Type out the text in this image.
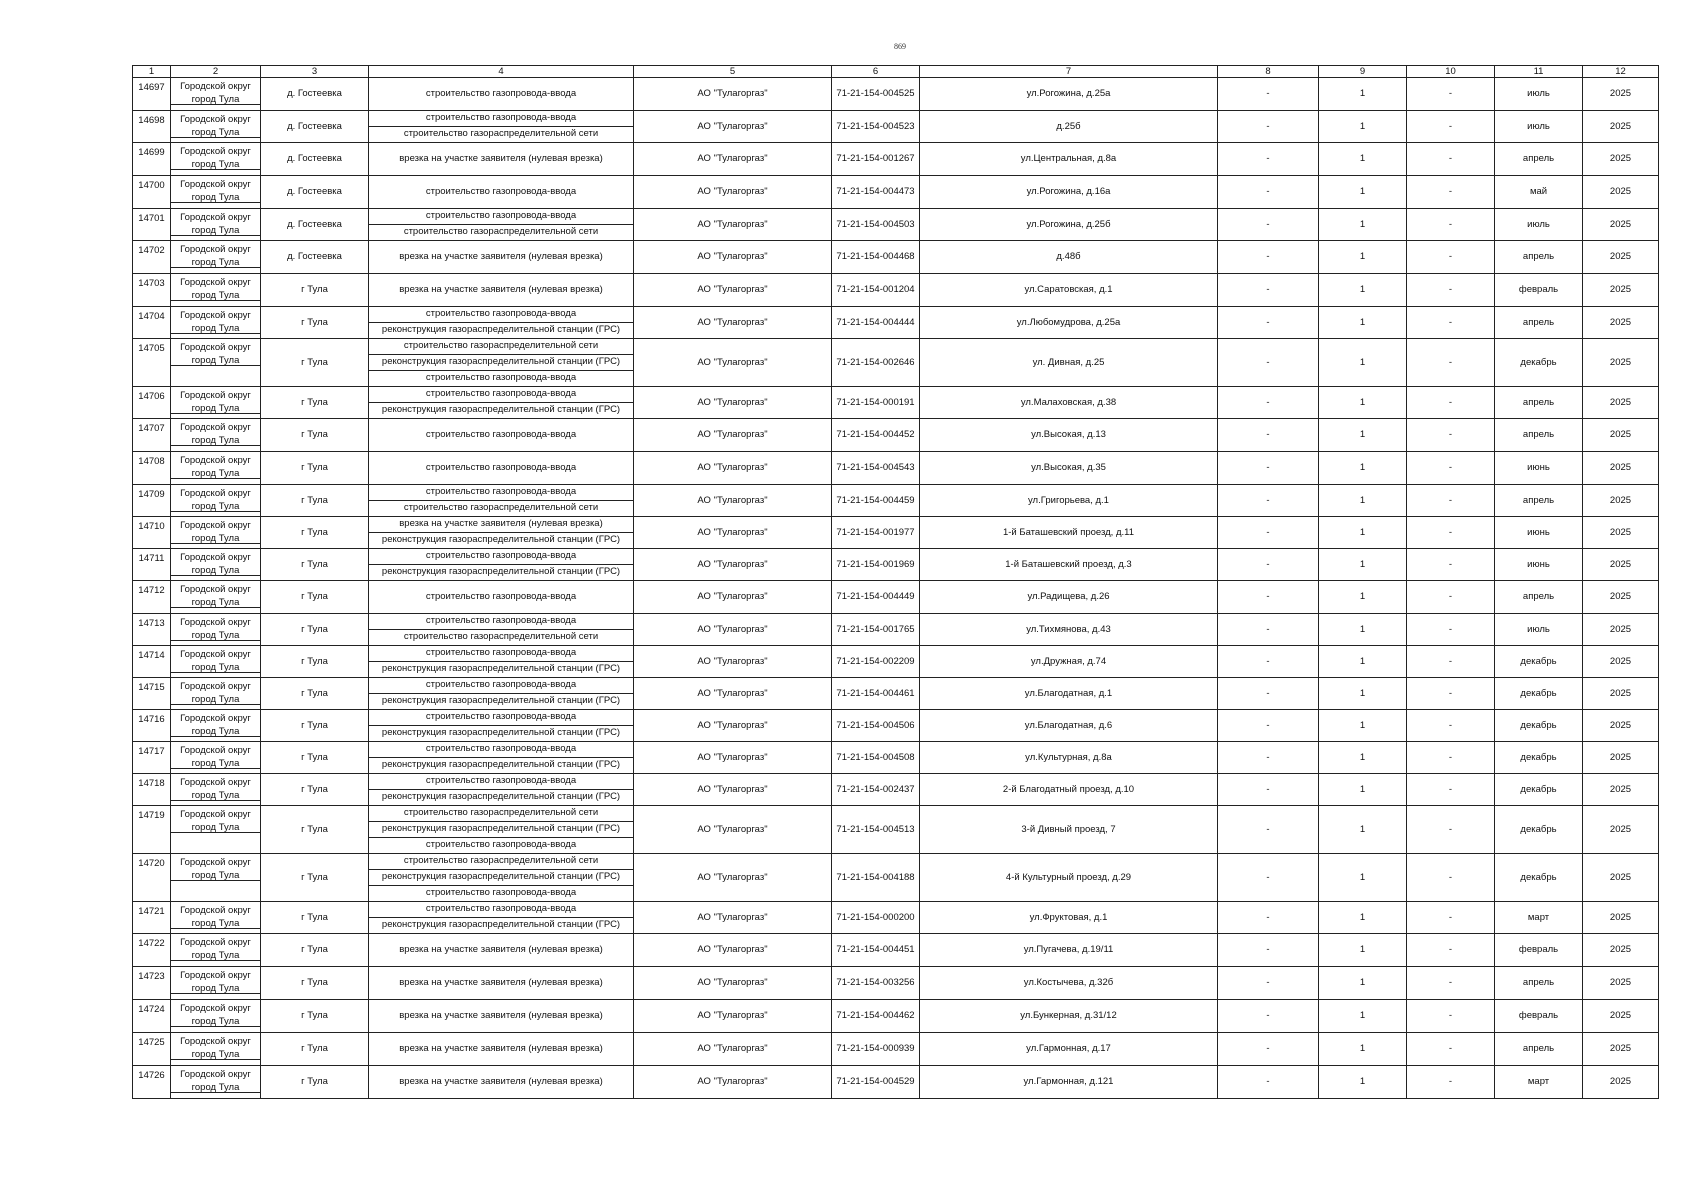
869
1	2	3	4	5	6	7	8	9	10	11	12
14697	Городской округ город Тула	д. Гостеевка	строительство газопровода-ввода	АО "Тулагоргаз"	71-21-154-004525	ул.Рогожина, д.25а	-	1	-	июль	2025
14698	Городской округ город Тула	д. Гостеевка	строительство газопровода-ввода
строительство газораспределительной сети	АО "Тулагоргаз"	71-21-154-004523	д.25б	-	1	-	июль	2025
14699	Городской округ город Тула	д. Гостеевка	врезка на участке заявителя (нулевая врезка)	АО "Тулагоргаз"	71-21-154-001267	ул.Центральная, д.8а	-	1	-	апрель	2025
14700	Городской округ город Тула	д. Гостеевка	строительство газопровода-ввода	АО "Тулагоргаз"	71-21-154-004473	ул.Рогожина, д.16а	-	1	-	май	2025
14701	Городской округ город Тула	д. Гостеевка	строительство газопровода-ввода
строительство газораспределительной сети	АО "Тулагоргаз"	71-21-154-004503	ул.Рогожина, д.25б	-	1	-	июль	2025
14702	Городской округ город Тула	д. Гостеевка	врезка на участке заявителя (нулевая врезка)	АО "Тулагоргаз"	71-21-154-004468	д.48б	-	1	-	апрель	2025
14703	Городской округ город Тула	г Тула	врезка на участке заявителя (нулевая врезка)	АО "Тулагоргаз"	71-21-154-001204	ул.Саратовская, д.1	-	1	-	февраль	2025
14704	Городской округ город Тула	г Тула	строительство газопровода-ввода
реконструкция газораспределительной станции (ГРС)	АО "Тулагоргаз"	71-21-154-004444	ул.Любомудрова, д.25а	-	1	-	апрель	2025
14705	Городской округ город Тула	г Тула	строительство газораспределительной сети
реконструкция газораспределительной станции (ГРС)
строительство газопровода-ввода	АО "Тулагоргаз"	71-21-154-002646	ул. Дивная, д.25	-	1	-	декабрь	2025
14706	Городской округ город Тула	г Тула	строительство газопровода-ввода
реконструкция газораспределительной станции (ГРС)	АО "Тулагоргаз"	71-21-154-000191	ул.Малаховская, д.38	-	1	-	апрель	2025
14707	Городской округ город Тула	г Тула	строительство газопровода-ввода	АО "Тулагоргаз"	71-21-154-004452	ул.Высокая, д.13	-	1	-	апрель	2025
14708	Городской округ город Тула	г Тула	строительство газопровода-ввода	АО "Тулагоргаз"	71-21-154-004543	ул.Высокая, д.35	-	1	-	июнь	2025
14709	Городской округ город Тула	г Тула	строительство газопровода-ввода
строительство газораспределительной сети	АО "Тулагоргаз"	71-21-154-004459	ул.Григорьева, д.1	-	1	-	апрель	2025
14710	Городской округ город Тула	г Тула	врезка на участке заявителя (нулевая врезка)
реконструкция газораспределительной станции (ГРС)	АО "Тулагоргаз"	71-21-154-001977	1-й Баташевский проезд, д.11	-	1	-	июнь	2025
14711	Городской округ город Тула	г Тула	строительство газопровода-ввода
реконструкция газораспределительной станции (ГРС)	АО "Тулагоргаз"	71-21-154-001969	1-й Баташевский проезд, д.3	-	1	-	июнь	2025
14712	Городской округ город Тула	г Тула	строительство газопровода-ввода	АО "Тулагоргаз"	71-21-154-004449	ул.Радищева, д.26	-	1	-	апрель	2025
14713	Городской округ город Тула	г Тула	строительство газопровода-ввода
строительство газораспределительной сети	АО "Тулагоргаз"	71-21-154-001765	ул.Тихмянова, д.43	-	1	-	июль	2025
14714	Городской округ город Тула	г Тула	строительство газопровода-ввода
реконструкция газораспределительной станции (ГРС)	АО "Тулагоргаз"	71-21-154-002209	ул.Дружная, д.74	-	1	-	декабрь	2025
14715	Городской округ город Тула	г Тула	строительство газопровода-ввода
реконструкция газораспределительной станции (ГРС)	АО "Тулагоргаз"	71-21-154-004461	ул.Благодатная, д.1	-	1	-	декабрь	2025
14716	Городской округ город Тула	г Тула	строительство газопровода-ввода
реконструкция газораспределительной станции (ГРС)	АО "Тулагоргаз"	71-21-154-004506	ул.Благодатная, д.6	-	1	-	декабрь	2025
14717	Городской округ город Тула	г Тула	строительство газопровода-ввода
реконструкция газораспределительной станции (ГРС)	АО "Тулагоргаз"	71-21-154-004508	ул.Культурная, д.8а	-	1	-	декабрь	2025
14718	Городской округ город Тула	г Тула	строительство газопровода-ввода
реконструкция газораспределительной станции (ГРС)	АО "Тулагоргаз"	71-21-154-002437	2-й Благодатный проезд, д.10	-	1	-	декабрь	2025
14719	Городской округ город Тула	г Тула	строительство газораспределительной сети
реконструкция газораспределительной станции (ГРС)
строительство газопровода-ввода	АО "Тулагоргаз"	71-21-154-004513	3-й Дивный проезд, 7	-	1	-	декабрь	2025
14720	Городской округ город Тула	г Тула	строительство газораспределительной сети
реконструкция газораспределительной станции (ГРС)
строительство газопровода-ввода	АО "Тулагоргаз"	71-21-154-004188	4-й Культурный проезд, д.29	-	1	-	декабрь	2025
14721	Городской округ город Тула	г Тула	строительство газопровода-ввода
реконструкция газораспределительной станции (ГРС)	АО "Тулагоргаз"	71-21-154-000200	ул.Фруктовая, д.1	-	1	-	март	2025
14722	Городской округ город Тула	г Тула	врезка на участке заявителя (нулевая врезка)	АО "Тулагоргаз"	71-21-154-004451	ул.Пугачева, д.19/11	-	1	-	февраль	2025
14723	Городской округ город Тула	г Тула	врезка на участке заявителя (нулевая врезка)	АО "Тулагоргаз"	71-21-154-003256	ул.Костычева, д.32б	-	1	-	апрель	2025
14724	Городской округ город Тула	г Тула	врезка на участке заявителя (нулевая врезка)	АО "Тулагоргаз"	71-21-154-004462	ул.Бункерная, д.31/12	-	1	-	февраль	2025
14725	Городской округ город Тула	г Тула	врезка на участке заявителя (нулевая врезка)	АО "Тулагоргаз"	71-21-154-000939	ул.Гармонная, д.17	-	1	-	апрель	2025
14726	Городской округ город Тула	г Тула	врезка на участке заявителя (нулевая врезка)	АО "Тулагоргаз"	71-21-154-004529	ул.Гармонная, д.121	-	1	-	март	2025
